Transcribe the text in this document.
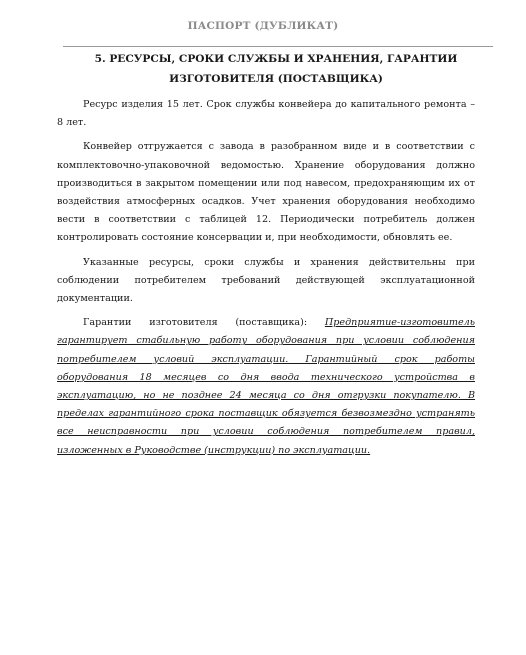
ПАСПОРТ (ДУБЛИКАТ)
5. РЕСУРСЫ, СРОКИ СЛУЖБЫ И ХРАНЕНИЯ, ГАРАНТИИ ИЗГОТОВИТЕЛЯ (ПОСТАВЩИКА)

Ресурс изделия 15 лет. Срок службы конвейера до капитального ремонта – 8 лет.

Конвейер отгружается с завода в разобранном виде и в соответствии с комплектовочно-упаковочной ведомостью. Хранение оборудования должно производиться в закрытом помещении или под навесом, предохраняющим их от воздействия атмосферных осадков. Учет хранения оборудования необходимо вести в соответствии с таблицей 12. Периодически потребитель должен контролировать состояние консервации и, при необходимости, обновлять ее.

Указанные ресурсы, сроки службы и хранения действительны при соблюдении потребителем требований действующей эксплуатационной документации.

Гарантии изготовителя (поставщика): Предприятие-изготовитель гарантирует стабильную работу оборудования при условии соблюдения потребителем условий эксплуатации. Гарантийный срок работы оборудования 18 месяцев со дня ввода технического устройства в эксплуатацию, но не позднее 24 месяца со дня отгрузки покупателю. В пределах гарантийного срока поставщик обязуется безвозмездно устранять все неисправности при условии соблюдения потребителем правил, изложенных в Руководстве (инструкции) по эксплуатации.
